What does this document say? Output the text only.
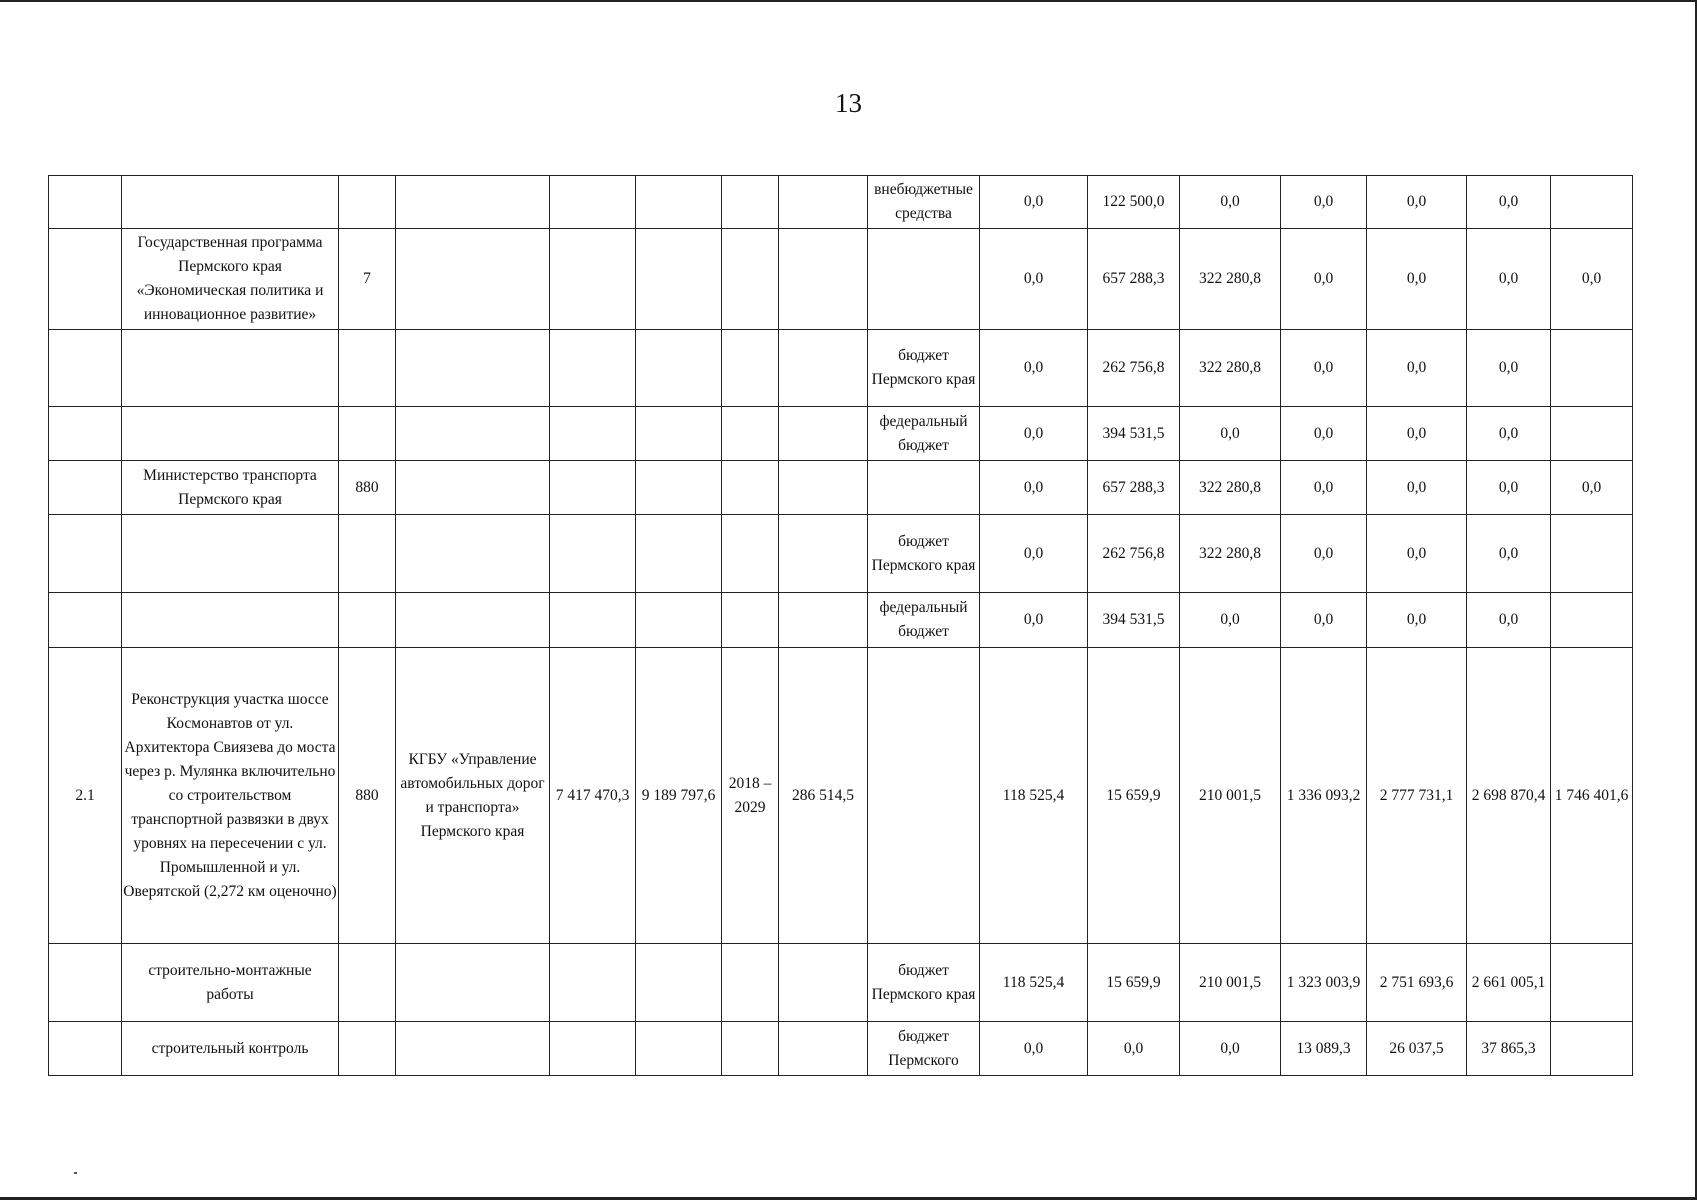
13
								внебюджетные средства	0,0	122 500,0	0,0	0,0	0,0	0,0	
	Государственная программа Пермского края «Экономическая политика и инновационное развитие»	7							0,0	657 288,3	322 280,8	0,0	0,0	0,0	0,0
								бюджет Пермского края	0,0	262 756,8	322 280,8	0,0	0,0	0,0	
								федеральный бюджет	0,0	394 531,5	0,0	0,0	0,0	0,0	
	Министерство транспорта Пермского края	880							0,0	657 288,3	322 280,8	0,0	0,0	0,0	0,0
								бюджет Пермского края	0,0	262 756,8	322 280,8	0,0	0,0	0,0	
								федеральный бюджет	0,0	394 531,5	0,0	0,0	0,0	0,0	
2.1	Реконструкция участка шоссе Космонавтов от ул. Архитектора Свиязева до моста через р. Мулянка включительно со строительством транспортной развязки в двух уровнях на пересечении с ул. Промышленной и ул. Оверятской (2,272 км оценочно)	880	КГБУ «Управление автомобильных дорог и транспорта» Пермского края	7 417 470,3	9 189 797,6	2018 – 2029	286 514,5		118 525,4	15 659,9	210 001,5	1 336 093,2	2 777 731,1	2 698 870,4	1 746 401,6
	строительно-монтажные работы							бюджет Пермского края	118 525,4	15 659,9	210 001,5	1 323 003,9	2 751 693,6	2 661 005,1	
	строительный контроль							бюджет Пермского	0,0	0,0	0,0	13 089,3	26 037,5	37 865,3	
